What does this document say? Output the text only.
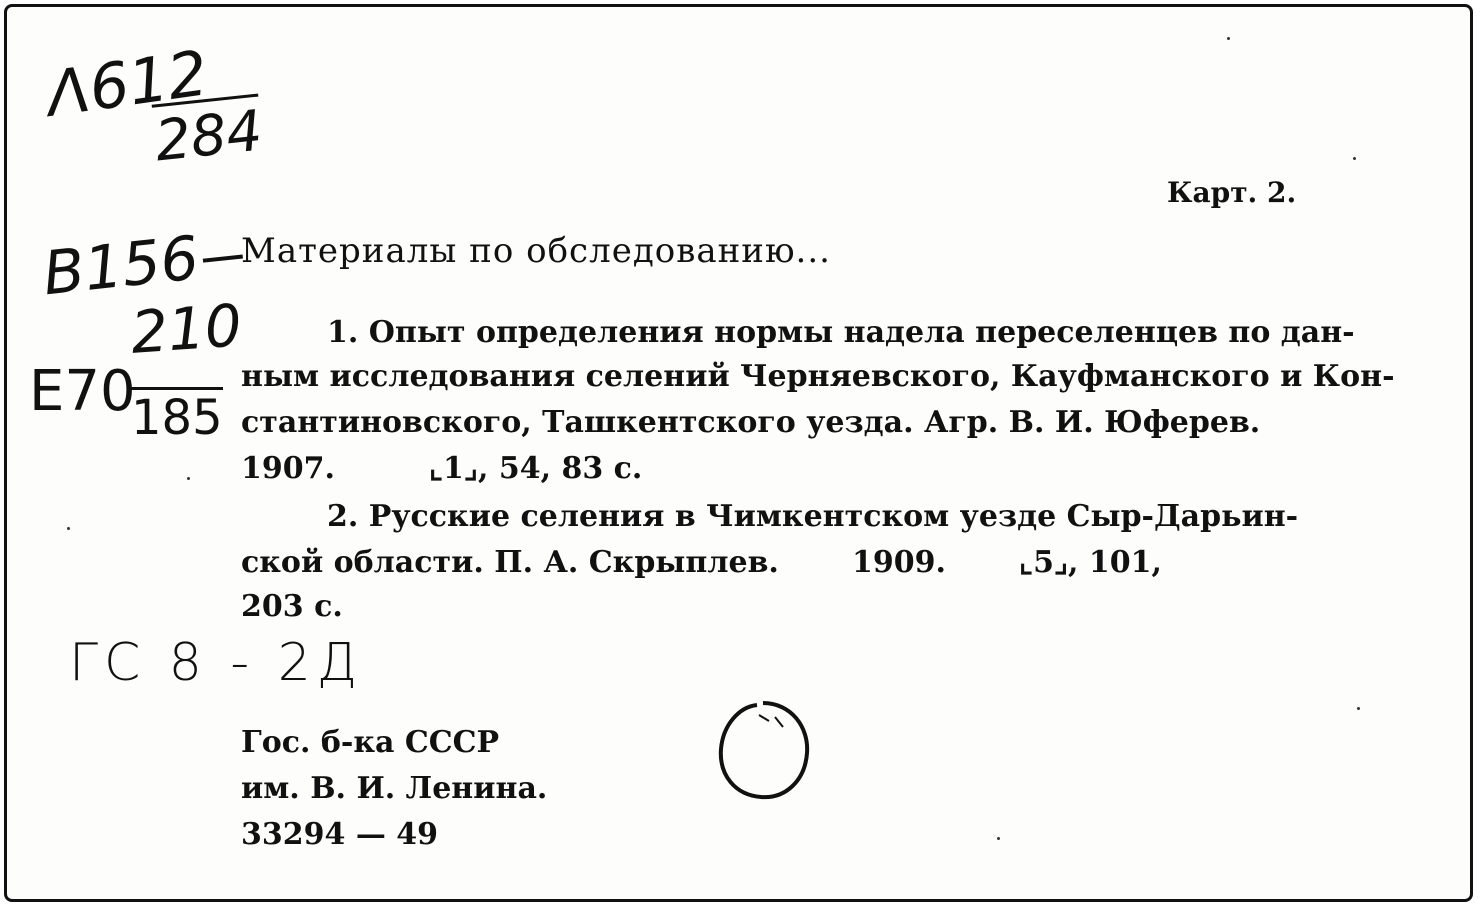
Λ612
284
B156
210
E70
185
Карт. 2.
Материалы по обследованию...
1. Опыт определения нормы надела переселенцев по дан-
ным исследования селений Черняевского, Кауфманского и Кон-
стантиновского, Ташкентского уезда. Агр. В. И. Юферев.
1907.         ⌞1⌟, 54, 83 с.
2. Русские селения в Чимкентском уезде Сыр-Дарьин-
ской области. П. А. Скрыплев.       1909.       ⌞5⌟, 101,
203 с.
ГС 8 - 2Д
Гос. б-ка СССР
им. В. И. Ленина.
33294 — 49
